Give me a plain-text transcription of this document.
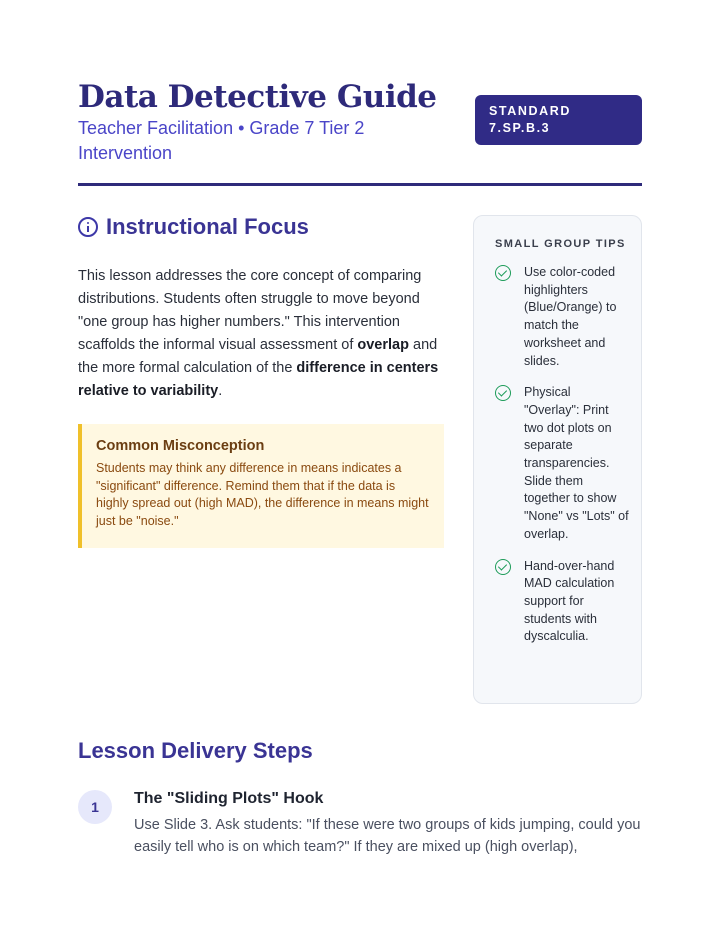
Data Detective Guide
Teacher Facilitation • Grade 7 Tier 2 Intervention
STANDARD
7.SP.B.3
Instructional Focus

This lesson addresses the core concept of comparing distributions. Students often struggle to move beyond "one group has higher numbers." This intervention scaffolds the informal visual assessment of overlap and the more formal calculation of the difference in centers relative to variability.

Common Misconception
Students may think any difference in means indicates a "significant" difference. Remind them that if the data is highly spread out (high MAD), the difference in means might just be "noise."
SMALL GROUP TIPS
Use color-coded highlighters (Blue/Orange) to match the worksheet and slides.
Physical "Overlay": Print two dot plots on separate transparencies. Slide them together to show "None" vs "Lots" of overlap.
Hand-over-hand MAD calculation support for students with dyscalculia.
Lesson Delivery Steps
1	The "Sliding Plots" Hook
Use Slide 3. Ask students: "If these were two groups of kids jumping, could you easily tell who is on which team?" If they are mixed up (high overlap),
